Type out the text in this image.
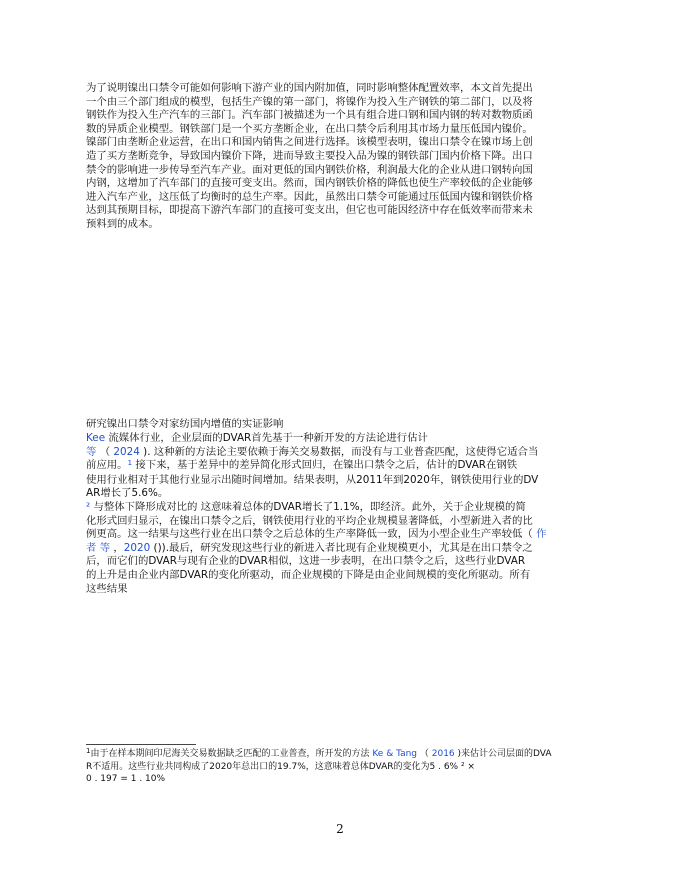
为了说明镍出口禁令可能如何影响下游产业的国内附加值，同时影响整体配置效率，本文首先提出
一个由三个部门组成的模型，包括生产镍的第一部门，将镍作为投入生产钢铁的第二部门，以及将
钢铁作为投入生产汽车的三部门。汽车部门被描述为一个具有组合进口钢和国内钢的转对数物质函
数的异质企业模型。钢铁部门是一个买方垄断企业，在出口禁令后利用其市场力量压低国内镍价。
镍部门由垄断企业运营，在出口和国内销售之间进行选择。该模型表明，镍出口禁令在镍市场上创
造了买方垄断竞争，导致国内镍价下降，进而导致主要投入品为镍的钢铁部门国内价格下降。出口
禁令的影响进一步传导至汽车产业。面对更低的国内钢铁价格，利润最大化的企业从进口钢转向国
内钢，这增加了汽车部门的直接可变支出。然而，国内钢铁价格的降低也使生产率较低的企业能够
进入汽车产业，这压低了均衡时的总生产率。因此，虽然出口禁令可能通过压低国内镍和钢铁价格
达到其预期目标，即提高下游汽车部门的直接可变支出，但它也可能因经济中存在低效率而带来未
预料到的成本。
研究镍出口禁令对家纺国内增值的实证影响
Kee 流媒体行业，企业层面的DVAR首先基于一种新开发的方法论进行估计
等 （ 2024 ). 这种新的方法论主要依赖于海关交易数据，而没有与工业普查匹配，这使得它适合当
前应用。$^1$ 接下来，基于差异中的差异简化形式回归，在镍出口禁令之后，估计的DVAR在钢铁
使用行业相对于其他行业显示出随时间增加。结果表明，从2011年到2020年，钢铁使用行业的DV
AR增长了5.6%。
² 与整体下降形成对比的 这意味着总体的DVAR增长了1.1%，即经济。此外，关于企业规模的简
化形式回归显示，在镍出口禁令之后，钢铁使用行业的平均企业规模显著降低，小型新进入者的比
例更高。这一结果与这些行业在出口禁令之后总体的生产率降低一致，因为小型企业生产率较低（ 作
者 等 ，2020 ()).最后，研究发现这些行业的新进入者比现有企业规模更小，尤其是在出口禁令之
后，而它们的DVAR与现有企业的DVAR相似，这进一步表明，在出口禁令之后，这些行业DVAR
的上升是由企业内部DVAR的变化所驱动，而企业规模的下降是由企业间规模的变化所驱动。所有
这些结果
$^1$由于在样本期间印尼海关交易数据缺乏匹配的工业普查，所开发的方法 Ke & Tang （ 2016 )来估计公司层面的DVA
R不适用。这些行业共同构成了2020年总出口的19.7%，这意味着总体DVAR的变化为5 . 6% ² ×
0 . 197 = 1 . 10%
2
